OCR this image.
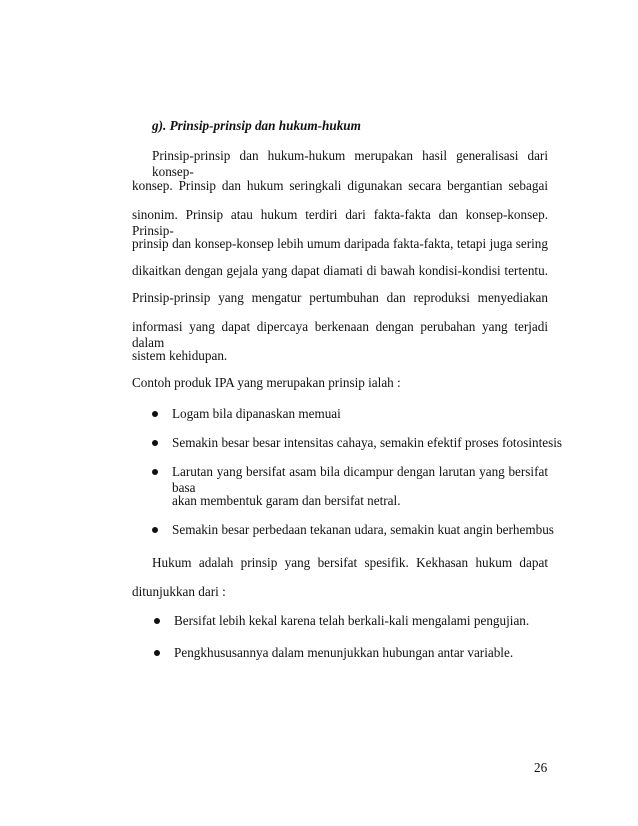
g). Prinsip-prinsip dan hukum-hukum
Prinsip-prinsip dan hukum-hukum merupakan hasil generalisasi dari konsep-
konsep. Prinsip dan hukum seringkali digunakan secara bergantian sebagai
sinonim. Prinsip atau hukum terdiri dari fakta-fakta dan konsep-konsep. Prinsip-
prinsip dan konsep-konsep lebih umum daripada fakta-fakta, tetapi juga sering
dikaitkan dengan gejala yang dapat diamati di bawah kondisi-kondisi tertentu.
Prinsip-prinsip yang mengatur pertumbuhan dan reproduksi menyediakan
informasi yang dapat dipercaya berkenaan dengan perubahan yang terjadi dalam
sistem kehidupan.
Contoh produk IPA yang merupakan prinsip ialah :
Logam bila dipanaskan memuai
Semakin besar besar intensitas cahaya, semakin efektif proses fotosintesis
Larutan yang bersifat asam bila dicampur dengan larutan yang bersifat basa
akan membentuk garam dan bersifat netral.
Semakin besar perbedaan tekanan udara, semakin kuat angin berhembus
Hukum adalah prinsip yang bersifat spesifik. Kekhasan hukum dapat
ditunjukkan dari :
Bersifat lebih kekal karena telah berkali-kali mengalami pengujian.
Pengkhususannya dalam menunjukkan hubungan antar variable.
26
